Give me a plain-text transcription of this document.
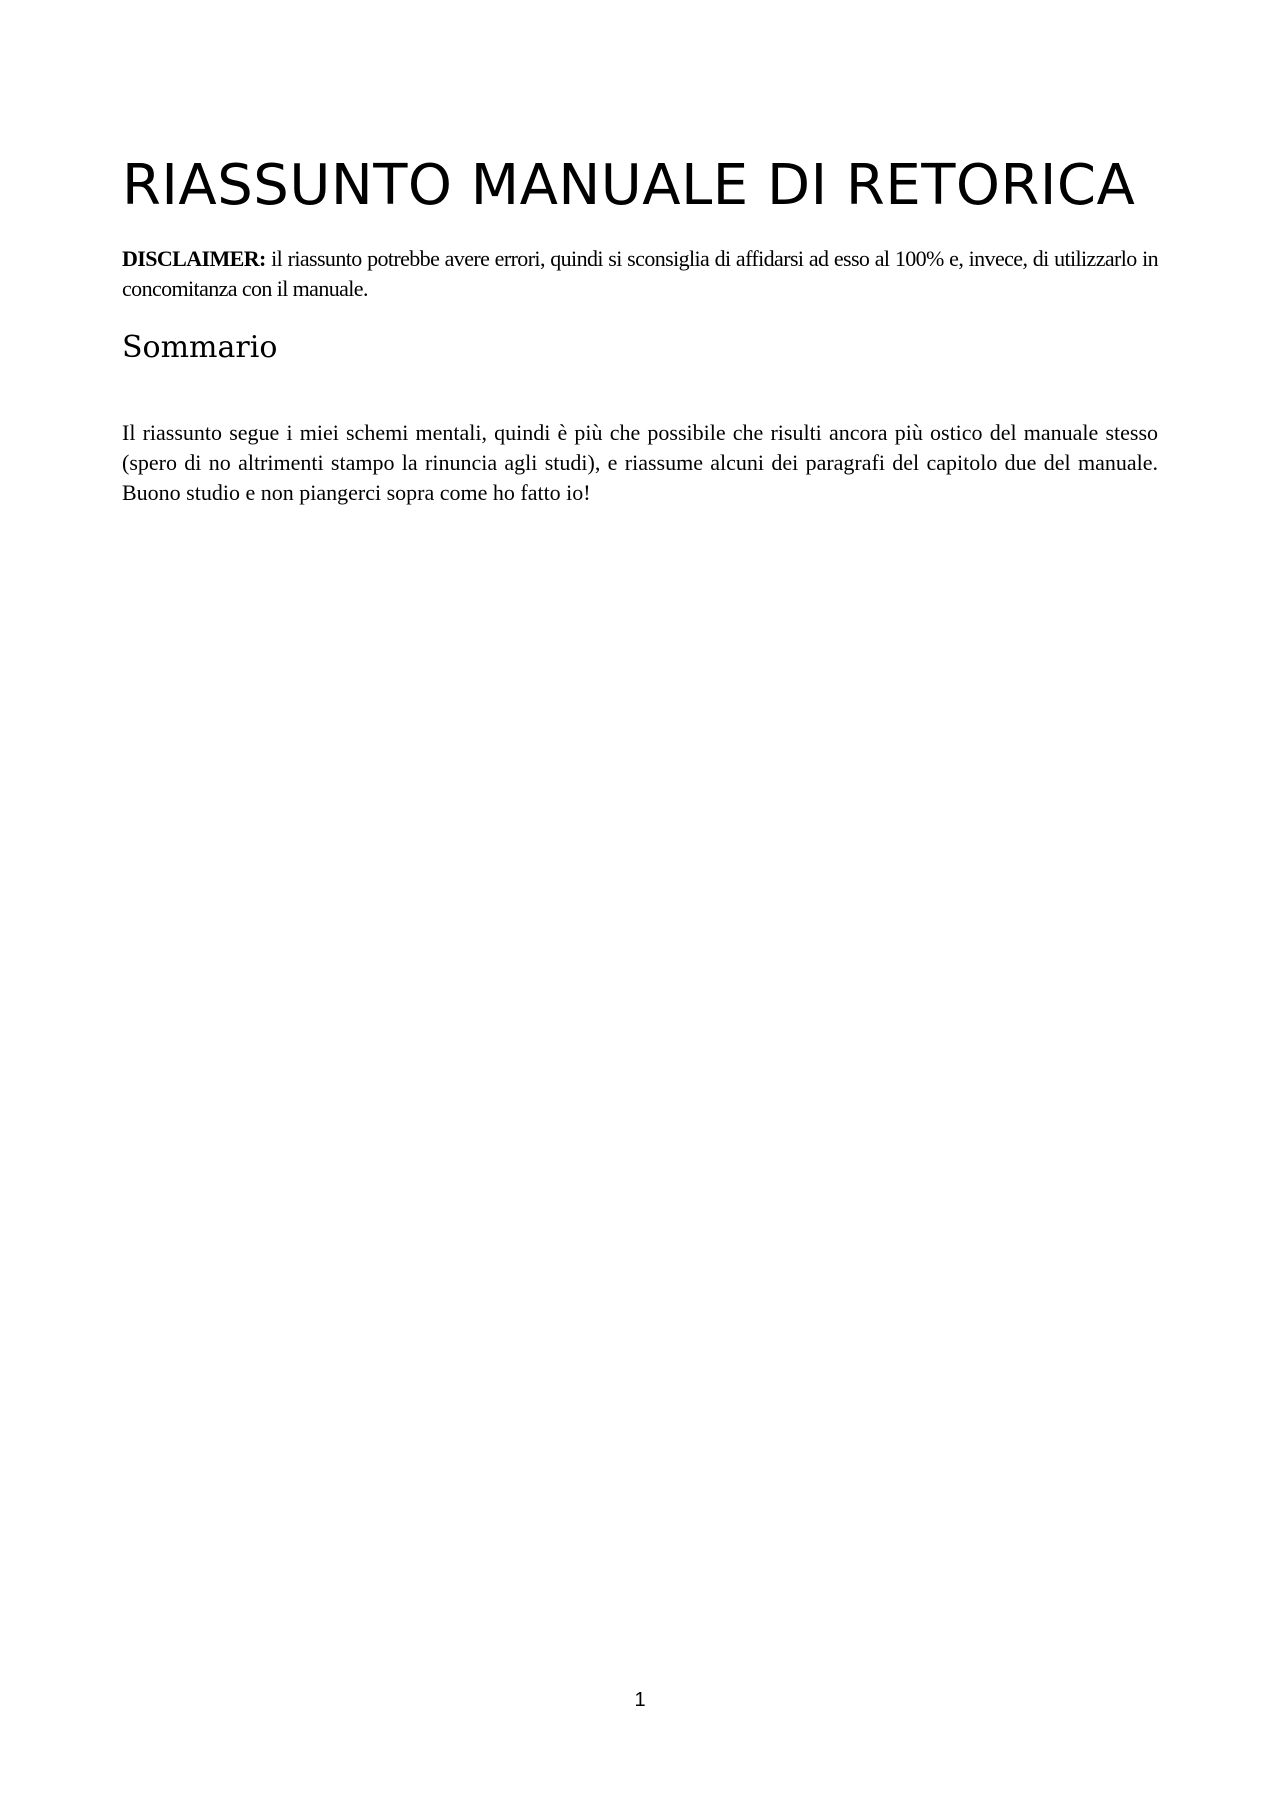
RIASSUNTO MANUALE DI RETORICA

DISCLAIMER: il riassunto potrebbe avere errori, quindi si sconsiglia di affidarsi ad esso al 100% e, invece, di utilizzarlo in concomitanza con il manuale.

Sommario

Il riassunto segue i miei schemi mentali, quindi è più che possibile che risulti ancora più ostico del manuale stesso (spero di no altrimenti stampo la rinuncia agli studi), e riassume alcuni dei paragrafi del capitolo due del manuale. Buono studio e non piangerci sopra come ho fatto io!

1
